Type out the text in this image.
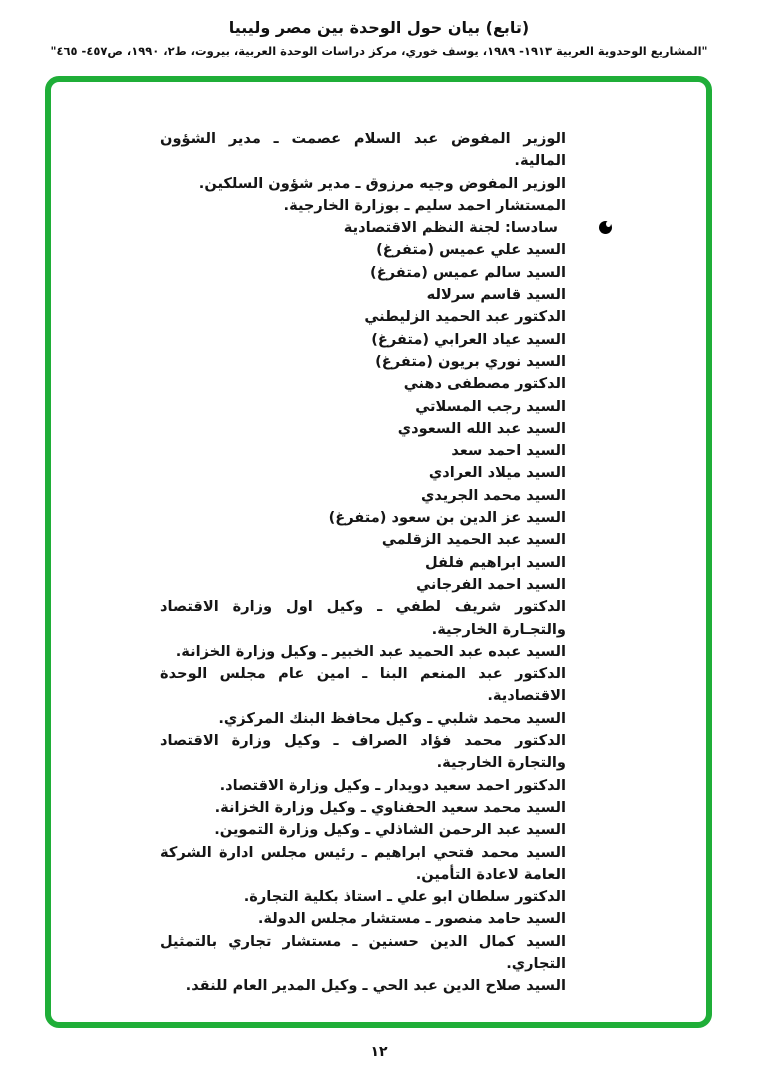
(تابع) بيان حول الوحدة بين مصر وليبيا
"المشاريع الوحدوية العربية ١٩١٣- ١٩٨٩، يوسف خوري، مركز دراسات الوحدة العربية، بيروت، ط٢، ١٩٩٠، ص٤٥٧- ٤٦٥"
الوزير المفوض عبد السلام عصمت ـ مدير الشؤون المالية.
الوزير المفوض وجيه مرزوق ـ مدير شؤون السلكين.
المستشار احمد سليم ـ بوزارة الخارجية.
سادسا: لجنة النظم الاقتصادية
السيد علي عميس (متفرغ)
السيد سالم عميس (متفرغ)
السيد قاسم سرلاله
الدكتور عبد الحميد الزليطني
السيد عياد العرابي (متفرغ)
السيد نوري بريون (متفرغ)
الدكتور مصطفى دهني
السيد رجب المسلاتي
السيد عبد الله السعودي
السيد احمد سعد
السيد ميلاد العرادي
السيد محمد الجريدي
السيد عز الدين بن سعود (متفرغ)
السيد عبد الحميد الزقلمي
السيد ابراهيم فلفل
السيد احمد الفرجاني
الدكتور شريف لطفي ـ وكيل اول وزارة الاقتصاد والتجـارة الخارجية.
السيد عبده عبد الحميد عبد الخبير ـ وكيل وزارة الخزانة.
الدكتور عبد المنعم البنا ـ امين عام مجلس الوحدة الاقتصادية.
السيد محمد شلبي ـ وكيل محافظ البنك المركزي.
الدكتور محمد فؤاد الصراف ـ وكيل وزارة الاقتصاد والتجارة الخارجية.
الدكتور احمد سعيد دويدار ـ وكيل وزارة الاقتصاد.
السيد محمد سعيد الحفناوي ـ وكيل وزارة الخزانة.
السيد عبد الرحمن الشاذلي ـ وكيل وزارة التموين.
السيد محمد فتحي ابراهيم ـ رئيس مجلس ادارة الشركة العامة لاعادة التأمين.
الدكتور سلطان ابو علي ـ استاذ بكلية التجارة.
السيد حامد منصور ـ مستشار مجلس الدولة.
السيد كمال الدين حسنين ـ مستشار تجاري بالتمثيل التجاري.
السيد صلاح الدين عبد الحي ـ وكيل المدير العام للنقد.
١٢
